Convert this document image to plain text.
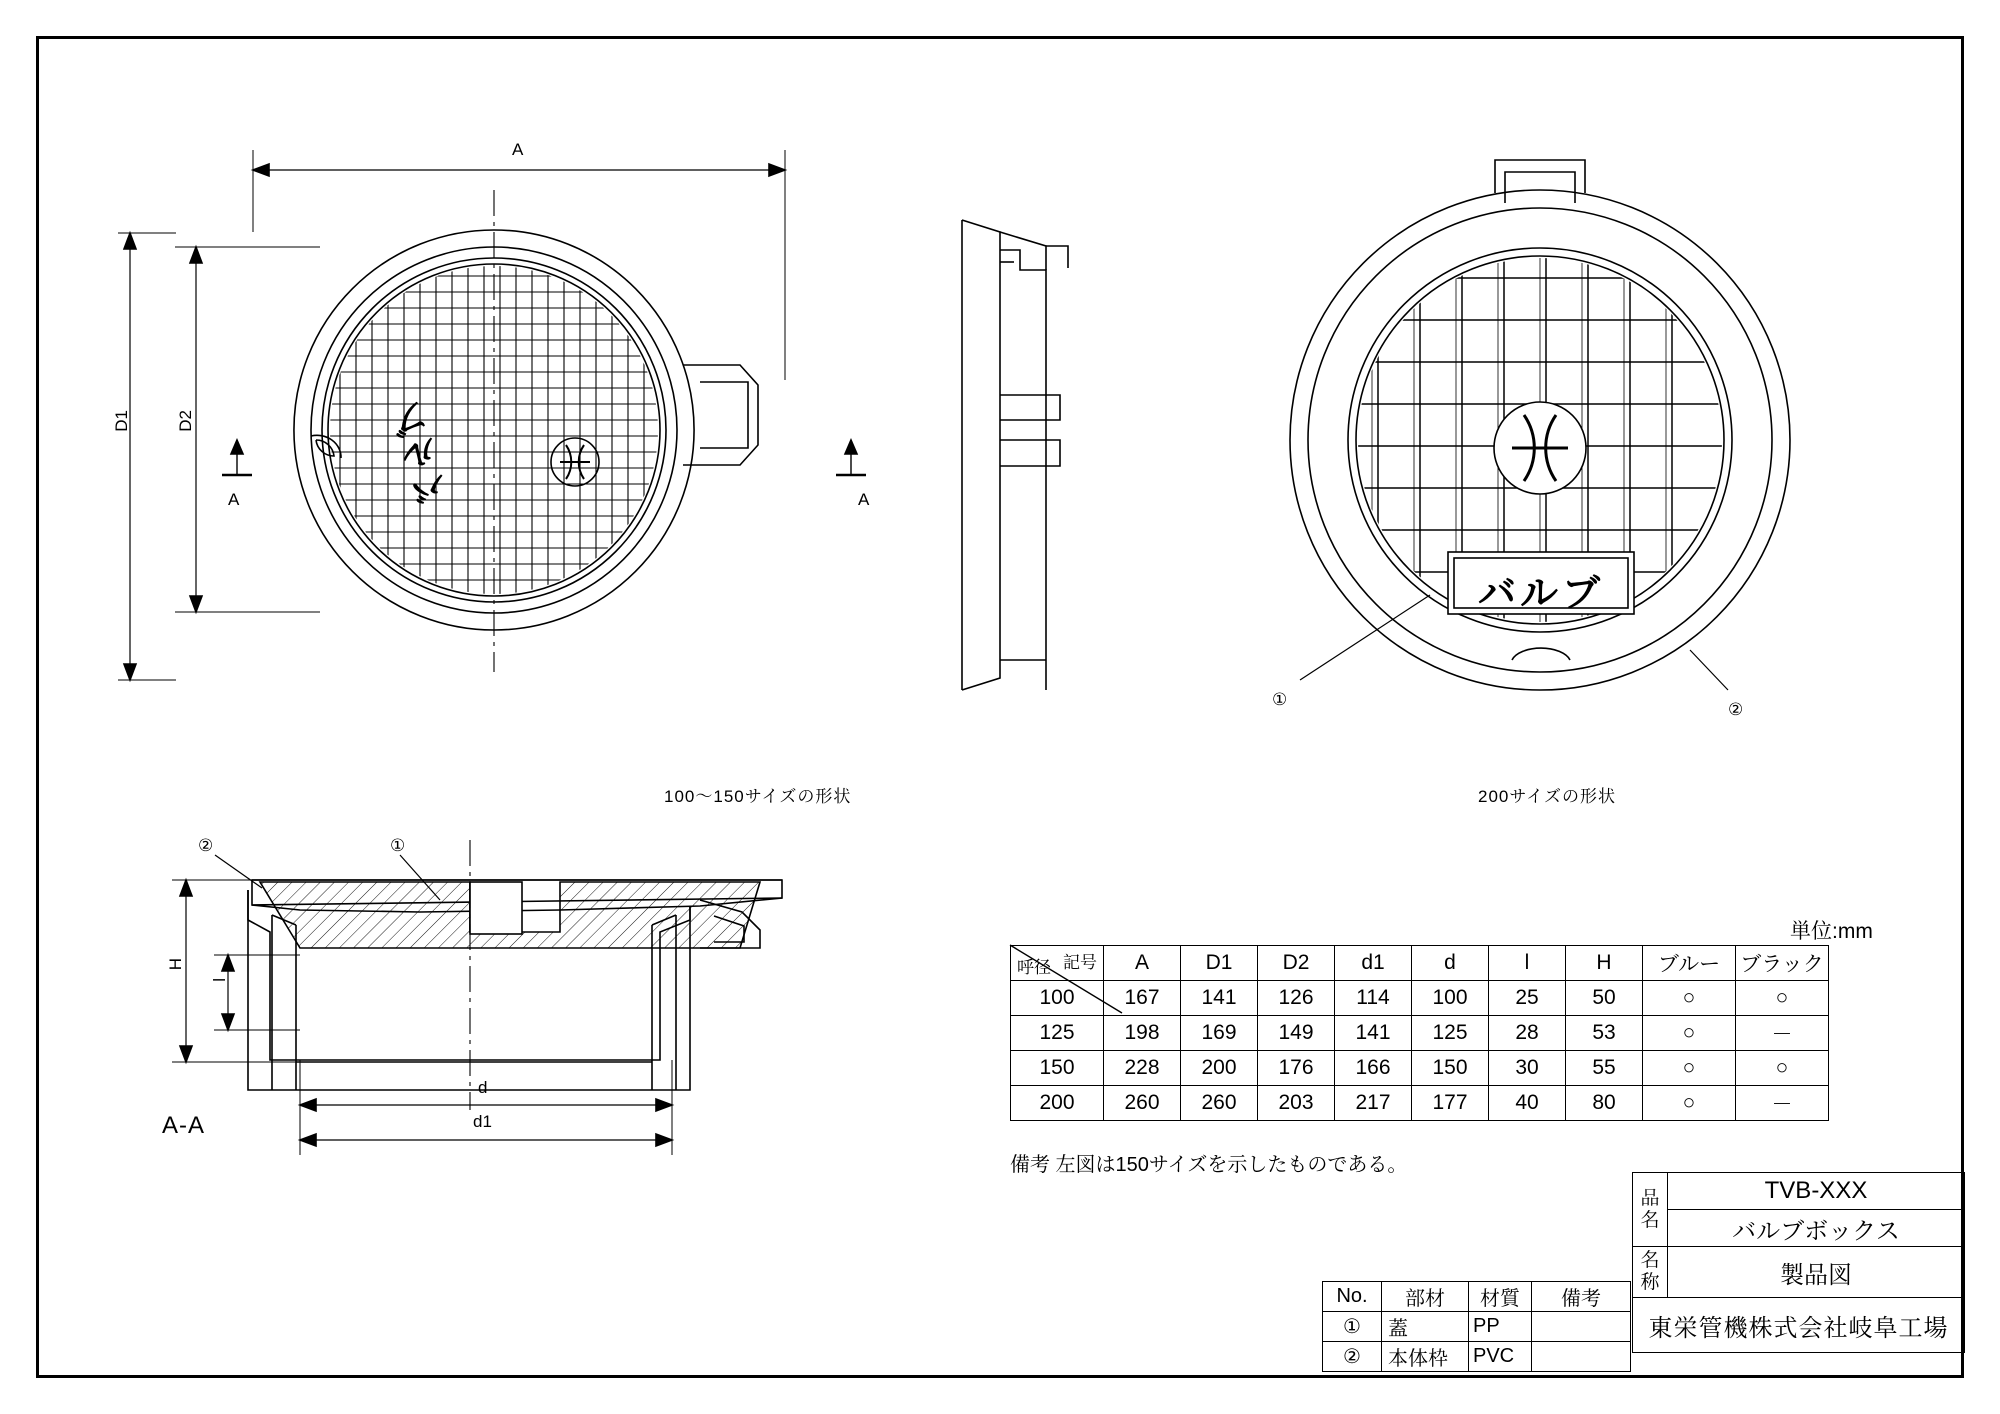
A
D2
D1
A	A
バルブ
100～150サイズの形状	200サイズの形状
バルブ
①
②
②	①
H
l
d
d1
A-A
単位:mm
記号
呼径	A	D1	D2	d1	d	l	H	ブルー	ブラック
100	167	141	126	114	100	25	50	○	○
125	198	169	149	141	125	28	53	○	－
150	228	200	176	166	150	30	55	○	○
200	260	260	203	217	177	40	80	○	－
備考 左図は150サイズを示したものである。
No.	部材	材質	備考
①	蓋	PP	
②	本体枠	PVC	
品
名	TVB-XXX
	バルブボックス

名
称	製品図
東栄管機株式会社岐阜工場	
